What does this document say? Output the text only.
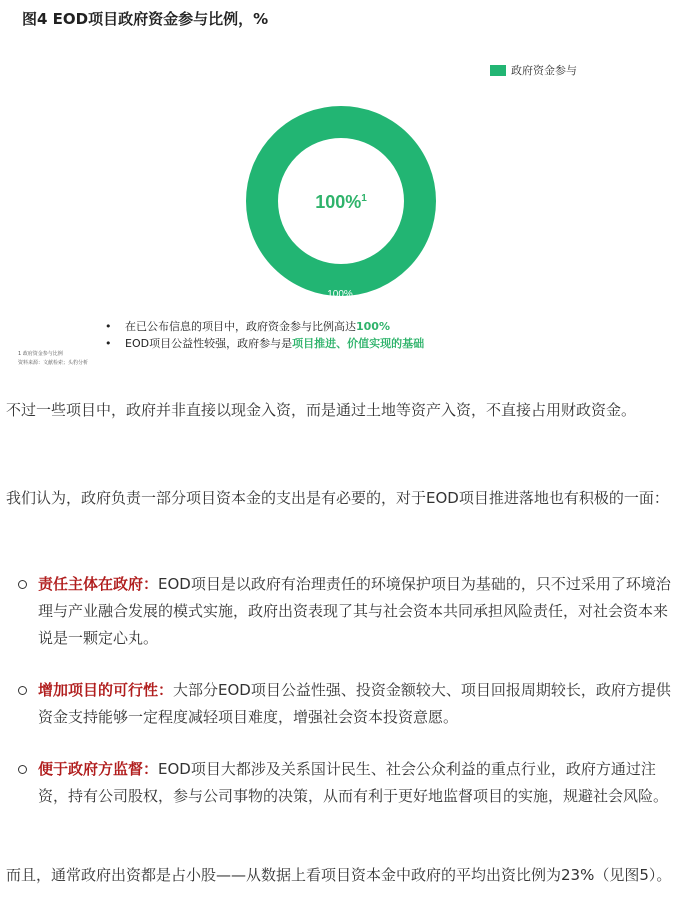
图4 EOD项目政府资金参与比例，%
100%$^1$
100%
政府资金参与
•	在已公布信息的项目中，政府资金参与比例高达100%
•	EOD项目公益性较强，政府参与是项目推进、价值实现的基础
1 政府资金参与比例
资料来源：文献检索；头豹分析
不过一些项目中，政府并非直接以现金入资，而是通过土地等资产入资，不直接占用财政资金。
我们认为，政府负责一部分项目资本金的支出是有必要的，对于EOD项目推进落地也有积极的一面：
责任主体在政府：EOD项目是以政府有治理责任的环境保护项目为基础的，只不过采用了环境治理与产业融合发展的模式实施，政府出资表现了其与社会资本共同承担风险责任，对社会资本来说是一颗定心丸。
增加项目的可行性：大部分EOD项目公益性强、投资金额较大、项目回报周期较长，政府方提供资金支持能够一定程度减轻项目难度，增强社会资本投资意愿。
便于政府方监督：EOD项目大都涉及关系国计民生、社会公众利益的重点行业，政府方通过注资，持有公司股权，参与公司事物的决策，从而有利于更好地监督项目的实施，规避社会风险。
而且，通常政府出资都是占小股——从数据上看项目资本金中政府的平均出资比例为23%（见图5）。
